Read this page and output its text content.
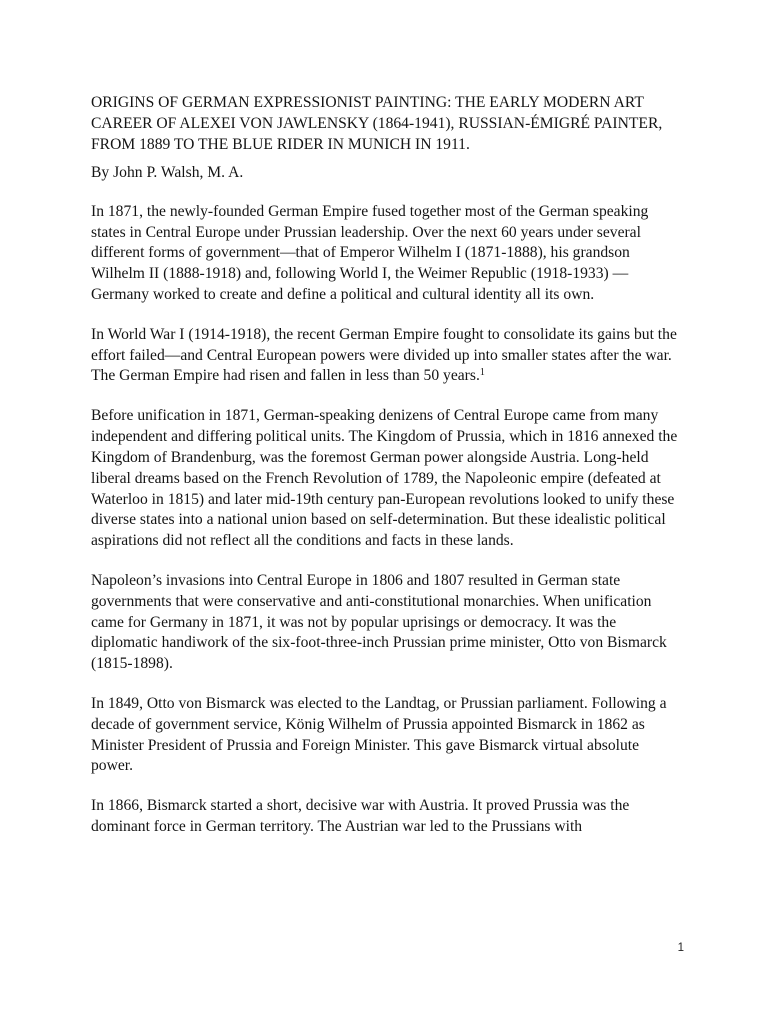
ORIGINS OF GERMAN EXPRESSIONIST PAINTING: THE EARLY MODERN ART CAREER OF ALEXEI VON JAWLENSKY (1864-1941), RUSSIAN-ÉMIGRÉ PAINTER, FROM 1889 TO THE BLUE RIDER IN MUNICH IN 1911.

By John P. Walsh, M. A.

In 1871, the newly-founded German Empire fused together most of the German speaking states in Central Europe under Prussian leadership. Over the next 60 years under several different forms of government—that of Emperor Wilhelm I (1871-1888), his grandson Wilhelm II (1888-1918) and, following World I, the Weimer Republic (1918-1933) —Germany worked to create and define a political and cultural identity all its own.

In World War I (1914-1918), the recent German Empire fought to consolidate its gains but the effort failed—and Central European powers were divided up into smaller states after the war. The German Empire had risen and fallen in less than 50 years.$^1$

Before unification in 1871, German-speaking denizens of Central Europe came from many independent and differing political units. The Kingdom of Prussia, which in 1816 annexed the Kingdom of Brandenburg, was the foremost German power alongside Austria. Long-held liberal dreams based on the French Revolution of 1789, the Napoleonic empire (defeated at Waterloo in 1815) and later mid-19th century pan-European revolutions looked to unify these diverse states into a national union based on self-determination. But these idealistic political aspirations did not reflect all the conditions and facts in these lands.

Napoleon’s invasions into Central Europe in 1806 and 1807 resulted in German state governments that were conservative and anti-constitutional monarchies. When unification came for Germany in 1871, it was not by popular uprisings or democracy. It was the diplomatic handiwork of the six-foot-three-inch Prussian prime minister, Otto von Bismarck (1815-1898).

In 1849, Otto von Bismarck was elected to the Landtag, or Prussian parliament. Following a decade of government service, König Wilhelm of Prussia appointed Bismarck in 1862 as Minister President of Prussia and Foreign Minister. This gave Bismarck virtual absolute power.

In 1866, Bismarck started a short, decisive war with Austria. It proved Prussia was the dominant force in German territory. The Austrian war led to the Prussians with

1
